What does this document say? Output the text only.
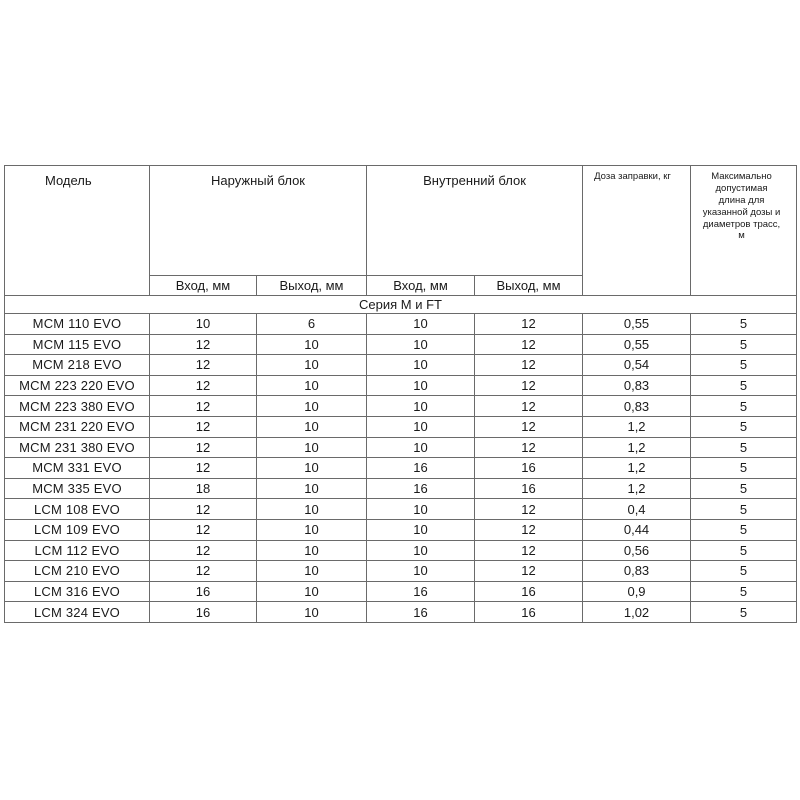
Модель	Наружный блок		Внутренний блок		Доза заправки, кг	Максимально допустимая длина для указанной дозы и диаметров трасс, м
	Вход, мм	Выход, мм	Вход, мм	Выход, мм		
Серия М и FT						
MCM 110 EVO	10	6	10	12	0,55	5
MCM 115 EVO	12	10	10	12	0,55	5
MCM 218 EVO	12	10	10	12	0,54	5
MCM 223 220 EVO	12	10	10	12	0,83	5
MCM 223 380 EVO	12	10	10	12	0,83	5
MCM 231 220 EVO	12	10	10	12	1,2	5
MCM 231 380 EVO	12	10	10	12	1,2	5
MCM 331 EVO	12	10	16	16	1,2	5
MCM 335 EVO	18	10	16	16	1,2	5
LCM 108 EVO	12	10	10	12	0,4	5
LCM 109 EVO	12	10	10	12	0,44	5
LCM 112 EVO	12	10	10	12	0,56	5
LCM 210 EVO	12	10	10	12	0,83	5
LCM 316 EVO	16	10	16	16	0,9	5
LCM 324 EVO	16	10	16	16	1,02	5
